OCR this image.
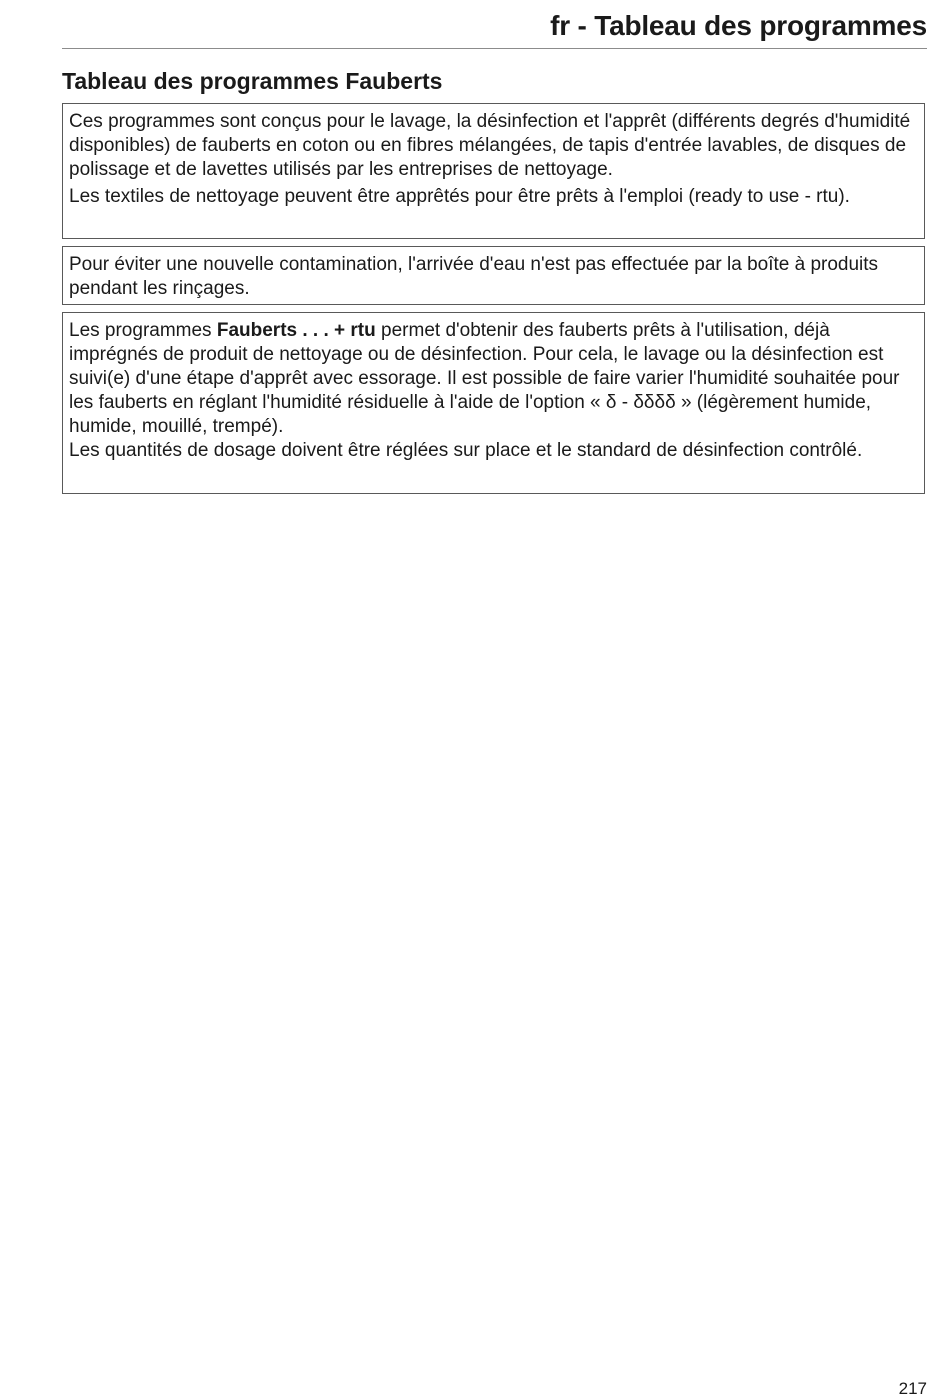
fr - Tableau des programmes
Tableau des programmes Fauberts

Ces programmes sont conçus pour le lavage, la désinfection et l'apprêt (différents degrés d'humidité disponibles) de fauberts en coton ou en fibres mélangées, de tapis d'entrée lavables, de disques de polissage et de lavettes utilisés par les entreprises de nettoyage.

Les textiles de nettoyage peuvent être apprêtés pour être prêts à l'emploi (ready to use - rtu).

Pour éviter une nouvelle contamination, l'arrivée d'eau n'est pas effectuée par la boîte à produits pendant les rinçages.

Les programmes Fauberts . . . + rtu permet d'obtenir des fauberts prêts à l'utilisation, déjà imprégnés de produit de nettoyage ou de désinfection. Pour cela, le lavage ou la désinfection est suivi(e) d'une étape d'apprêt avec essorage. Il est possible de faire varier l'humidité souhaitée pour les fauberts en réglant l'humidité résiduelle à l'aide de l'option « δ - δδδδ » (légèrement humide, humide, mouillé, trempé).

Les quantités de dosage doivent être réglées sur place et le standard de désinfection contrôlé.

217
